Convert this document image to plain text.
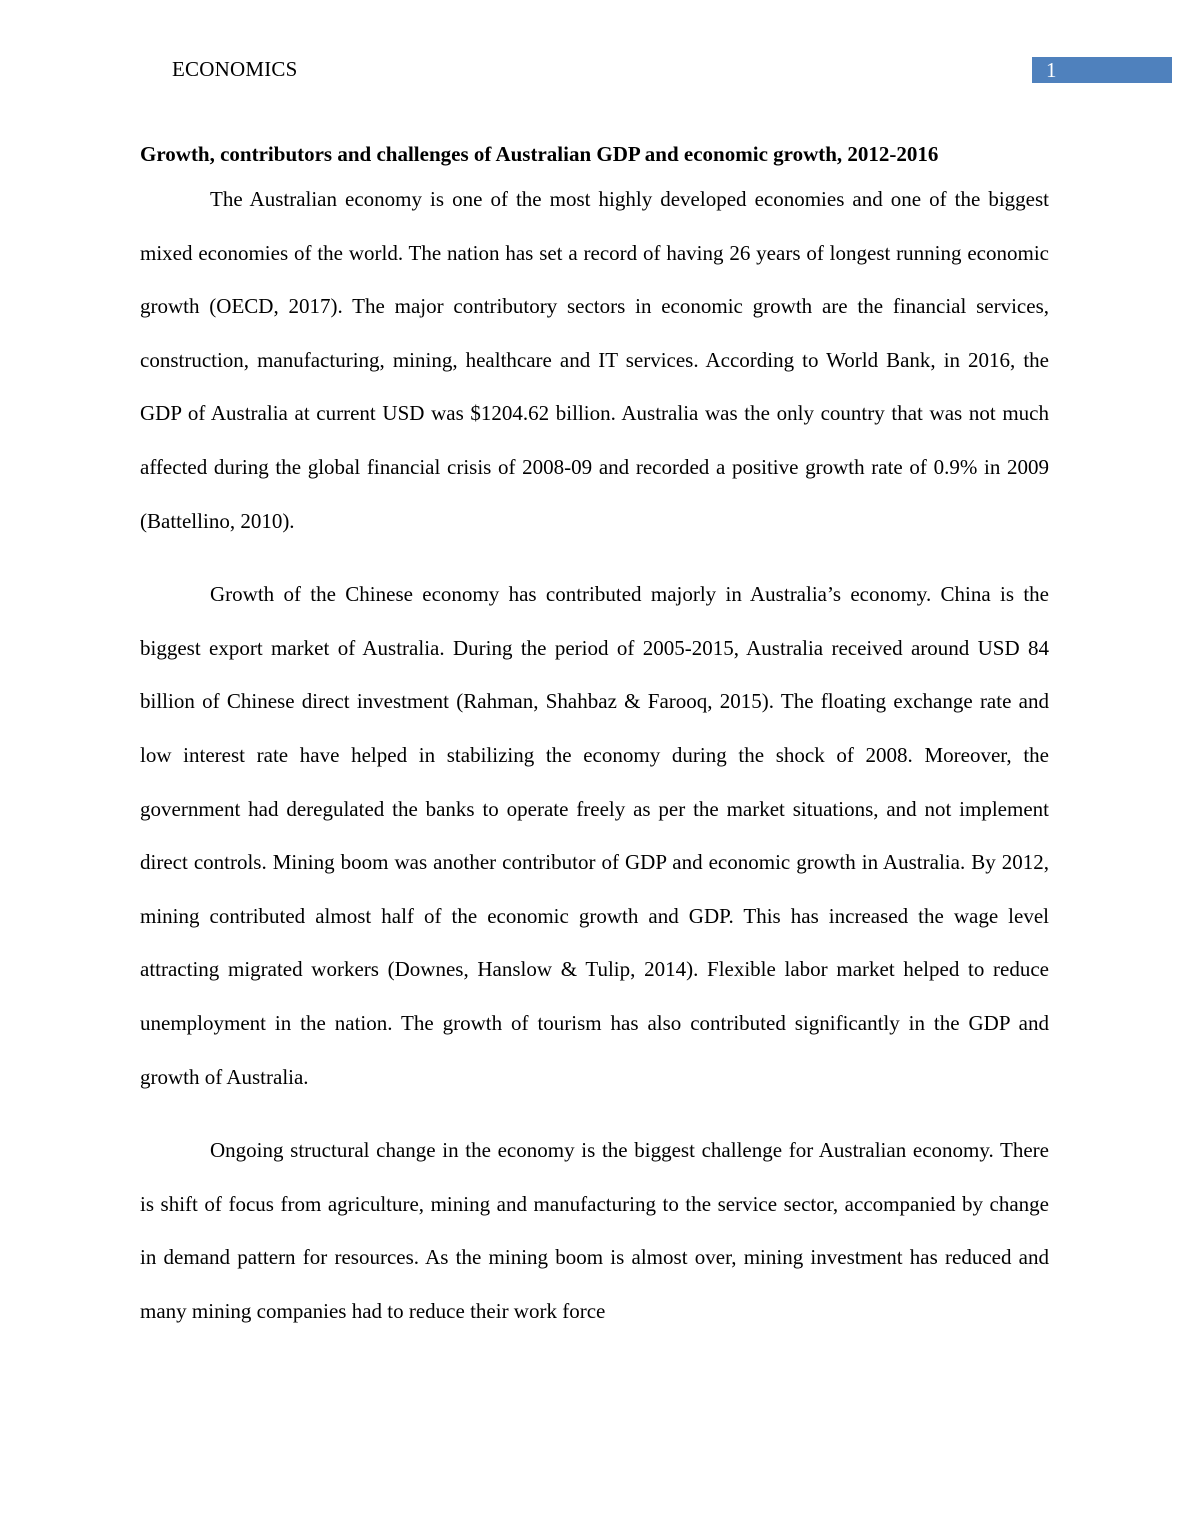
ECONOMICS	1
Growth, contributors and challenges of Australian GDP and economic growth, 2012-2016

The Australian economy is one of the most highly developed economies and one of the biggest mixed economies of the world. The nation has set a record of having 26 years of longest running economic growth (OECD, 2017). The major contributory sectors in economic growth are the financial services, construction, manufacturing, mining, healthcare and IT services. According to World Bank, in 2016, the GDP of Australia at current USD was $1204.62 billion. Australia was the only country that was not much affected during the global financial crisis of 2008-09 and recorded a positive growth rate of 0.9% in 2009 (Battellino, 2010).

Growth of the Chinese economy has contributed majorly in Australia’s economy. China is the biggest export market of Australia. During the period of 2005-2015, Australia received around USD 84 billion of Chinese direct investment (Rahman, Shahbaz & Farooq, 2015). The floating exchange rate and low interest rate have helped in stabilizing the economy during the shock of 2008. Moreover, the government had deregulated the banks to operate freely as per the market situations, and not implement direct controls. Mining boom was another contributor of GDP and economic growth in Australia. By 2012, mining contributed almost half of the economic growth and GDP. This has increased the wage level attracting migrated workers (Downes, Hanslow & Tulip, 2014). Flexible labor market helped to reduce unemployment in the nation. The growth of tourism has also contributed significantly in the GDP and growth of Australia.

Ongoing structural change in the economy is the biggest challenge for Australian economy. There is shift of focus from agriculture, mining and manufacturing to the service sector, accompanied by change in demand pattern for resources. As the mining boom is almost over, mining investment has reduced and many mining companies had to reduce their work force
